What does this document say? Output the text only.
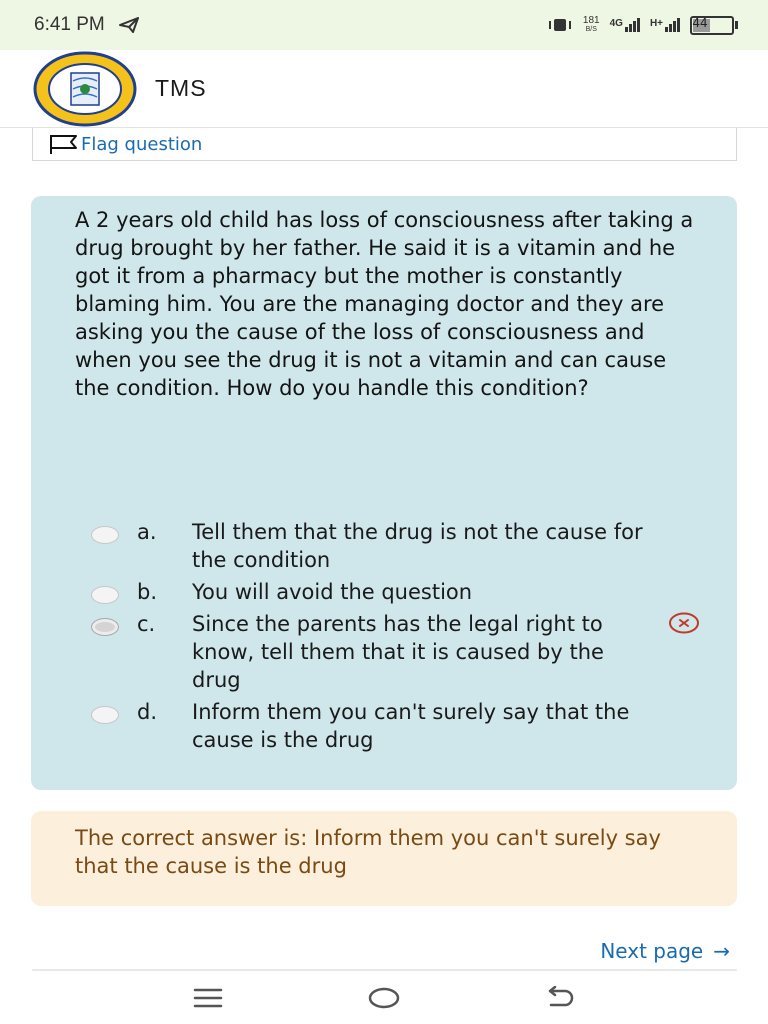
6:41 PM	181
B/S
4G	H+	44
TMS
Flag question

A 2 years old child has loss of consciousness after taking a drug brought by her father. He said it is a vitamin and he got it from a pharmacy but the mother is constantly blaming him. You are the managing doctor and they are asking you the cause of the loss of consciousness and when you see the drug it is not a vitamin and can cause the condition. How do you handle this condition?

a.	Tell them that the drug is not the cause for the condition
b.	You will avoid the question
c.	Since the parents has the legal right to know, tell them that it is caused by the drug
d.	Inform them you can't surely say that the cause is the drug
The correct answer is: Inform them you can't surely say that the cause is the drug
Next page →
